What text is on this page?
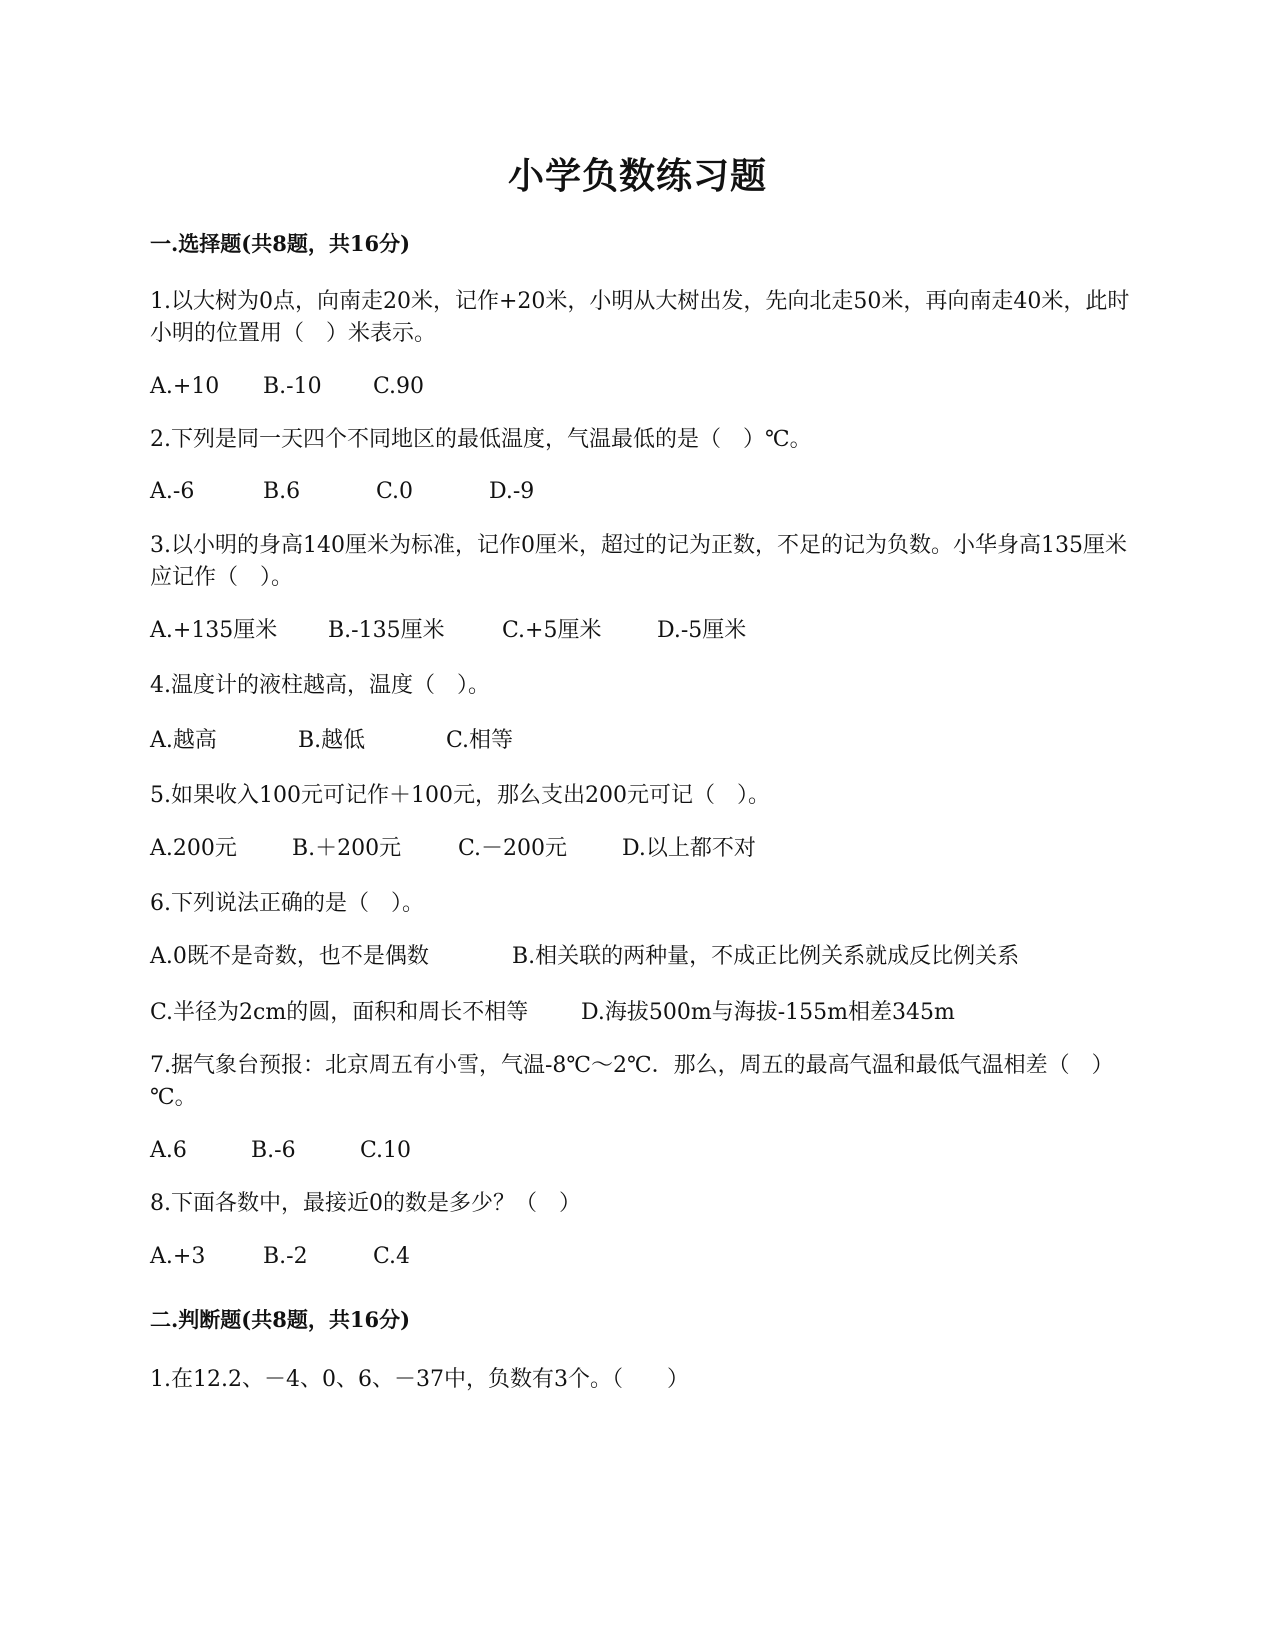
小学负数练习题
一.选择题(共8题，共16分)
1.以大树为0点，向南走20米，记作+20米，小明从大树出发，先向北走50米，再向南走40米，此时小明的位置用（　）米表示。
A.+10 B.-10 C.90
2.下列是同一天四个不同地区的最低温度，气温最低的是（　）℃。
A.-6	B.6	C.0	D.-9
3.以小明的身高140厘米为标准，记作0厘米，超过的记为正数，不足的记为负数。小华身高135厘米应记作（　）。
A.+135厘米 B.-135厘米	C.+5厘米	D.-5厘米
4.温度计的液柱越高，温度（　）。
A.越高	B.越低	C.相等
5.如果收入100元可记作＋100元，那么支出200元可记（　）。
A.200元	B.＋200元	C.－200元 D.以上都不对
6.下列说法正确的是（　）。
A.0既不是奇数，也不是偶数	B.相关联的两种量，不成正比例关系就成反比例关系
C.半径为2cm的圆，面积和周长不相等 D.海拔500m与海拔-155m相差345m
7.据气象台预报：北京周五有小雪，气温-8℃～2℃．那么，周五的最高气温和最低气温相差（　）℃。
A.6	B.-6	C.10
8.下面各数中，最接近0的数是多少？（　）
A.+3	B.-2	C.4
二.判断题(共8题，共16分)
1.在12.2、－4、0、6、－37中，负数有3个。（　　）
